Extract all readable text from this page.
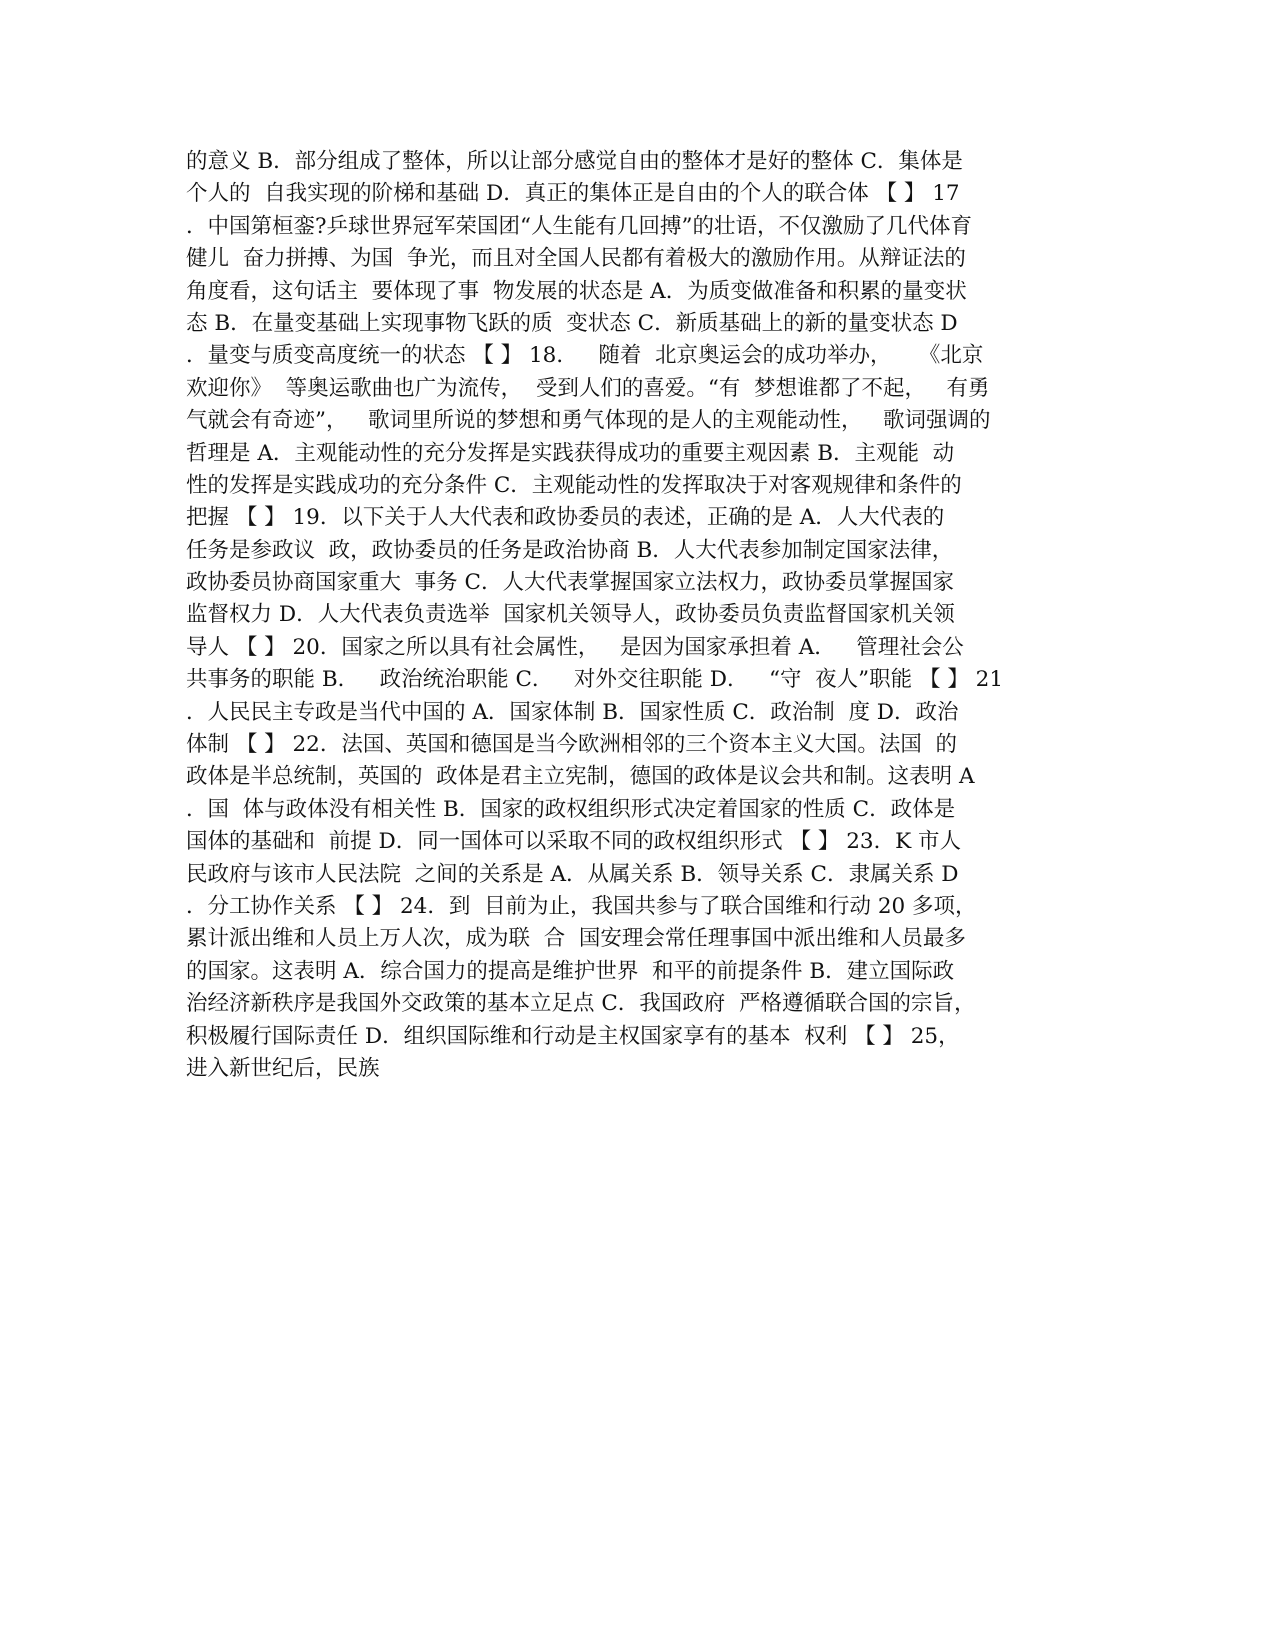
的意义 B．部分组成了整体，所以让部分感觉自由的整体才是好的整体 C．集体是
个人的  自我实现的阶梯和基础 D．真正的集体正是自由的个人的联合体 【 】 17
．中国第桓銮?乒球世界冠军荣国团“人生能有几回搏”的壮语，不仅激励了几代体育
健儿  奋力拼搏、为国  争光，而且对全国人民都有着极大的激励作用。从辩证法的
角度看，这句话主  要体现了事  物发展的状态是 A．为质变做准备和积累的量变状
态 B．在量变基础上实现事物飞跃的质  变状态 C．新质基础上的新的量变状态 D
．量变与质变高度统一的状态 【 】 18．   随着  北京奥运会的成功举办，    《北京
欢迎你》  等奥运歌曲也广为流传，  受到人们的喜爱。“有  梦想谁都了不起，   有勇
气就会有奇迹”，   歌词里所说的梦想和勇气体现的是人的主观能动性，   歌词强调的
哲理是 A．主观能动性的充分发挥是实践获得成功的重要主观因素 B．主观能  动
性的发挥是实践成功的充分条件 C．主观能动性的发挥取决于对客观规律和条件的
把握 【 】 19．以下关于人大代表和政协委员的表述，正确的是 A．人大代表的
任务是参政议  政，政协委员的任务是政治协商 B．人大代表参加制定国家法律，
政协委员协商国家重大  事务 C．人大代表掌握国家立法权力，政协委员掌握国家
监督权力 D．人大代表负责选举  国家机关领导人，政协委员负责监督国家机关领
导人 【 】 20．国家之所以具有社会属性，   是因为国家承担着 A．   管理社会公
共事务的职能 B．   政治统治职能 C．   对外交往职能 D．   “守  夜人”职能 【 】 21
．人民民主专政是当代中国的 A．国家体制 B．国家性质 C．政治制  度 D．政治
体制 【 】 22．法国、英国和德国是当今欧洲相邻的三个资本主义大国。法国  的
政体是半总统制，英国的  政体是君主立宪制，德国的政体是议会共和制。这表明 A
．国  体与政体没有相关性 B．国家的政权组织形式决定着国家的性质 C．政体是
国体的基础和  前提 D．同一国体可以采取不同的政权组织形式 【 】 23．K 市人
民政府与该市人民法院  之间的关系是 A．从属关系 B．领导关系 C．隶属关系 D
．分工协作关系 【 】 24．到  目前为止，我国共参与了联合国维和行动 20 多项，
累计派出维和人员上万人次，成为联  合  国安理会常任理事国中派出维和人员最多
的国家。这表明 A．综合国力的提高是维护世界  和平的前提条件 B．建立国际政
治经济新秩序是我国外交政策的基本立足点 C．我国政府  严格遵循联合国的宗旨，
积极履行国际责任 D．组织国际维和行动是主权国家享有的基本  权利 【 】 25，
进入新世纪后，民族
